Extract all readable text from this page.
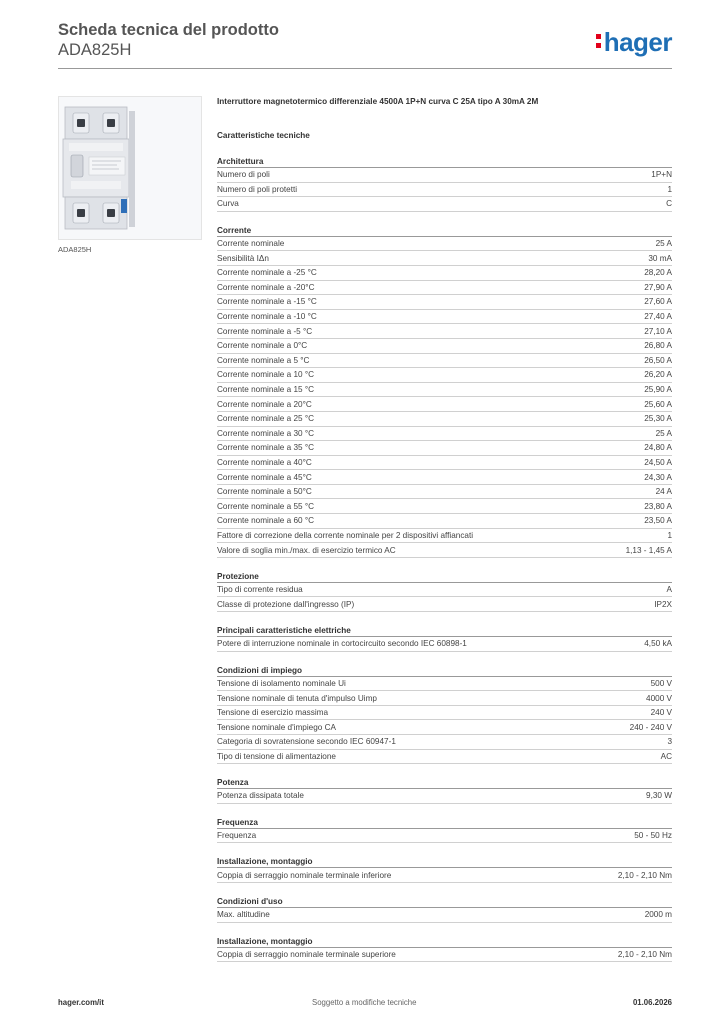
Scheda tecnica del prodotto
ADA825H	hager
ADA825H
Interruttore magnetotermico differenziale 4500A 1P+N curva C 25A tipo A 30mA 2M
Caratteristiche tecniche
Architettura
Numero di poli	1P+N
Numero di poli protetti	1
Curva	C
Corrente
Corrente nominale	25 A
Sensibilità IΔn	30 mA
Corrente nominale a -25 °C	28,20 A
Corrente nominale a -20°C	27,90 A
Corrente nominale a -15 °C	27,60 A
Corrente nominale a -10 °C	27,40 A
Corrente nominale a -5 °C	27,10 A
Corrente nominale a 0°C	26,80 A
Corrente nominale a 5 °C	26,50 A
Corrente nominale a 10 °C	26,20 A
Corrente nominale a 15 °C	25,90 A
Corrente nominale a 20°C	25,60 A
Corrente nominale a 25 °C	25,30 A
Corrente nominale a 30 °C	25 A
Corrente nominale a 35 °C	24,80 A
Corrente nominale a 40°C	24,50 A
Corrente nominale a 45°C	24,30 A
Corrente nominale a 50°C	24 A
Corrente nominale a 55 °C	23,80 A
Corrente nominale a 60 °C	23,50 A
Fattore di correzione della corrente nominale per 2 dispositivi affiancati	1
Valore di soglia min./max. di esercizio termico AC	1,13 - 1,45 A
Protezione
Tipo di corrente residua	A
Classe di protezione dall'ingresso (IP)	IP2X
Principali caratteristiche elettriche
Potere di interruzione nominale in cortocircuito secondo IEC 60898-1	4,50 kA
Condizioni di impiego
Tensione di isolamento nominale Ui	500 V
Tensione nominale di tenuta d'impulso Uimp	4000 V
Tensione di esercizio massima	240 V
Tensione nominale d'impiego CA	240 - 240 V
Categoria di sovratensione secondo IEC 60947-1	3
Tipo di tensione di alimentazione	AC
Potenza
Potenza dissipata totale	9,30 W
Frequenza
Frequenza	50 - 50 Hz
Installazione, montaggio
Coppia di serraggio nominale terminale inferiore	2,10 - 2,10 Nm
Condizioni d'uso
Max. altitudine	2000 m
Installazione, montaggio
Coppia di serraggio nominale terminale superiore	2,10 - 2,10 Nm
hager.com/it	Soggetto a modifiche tecniche	01.06.2026
